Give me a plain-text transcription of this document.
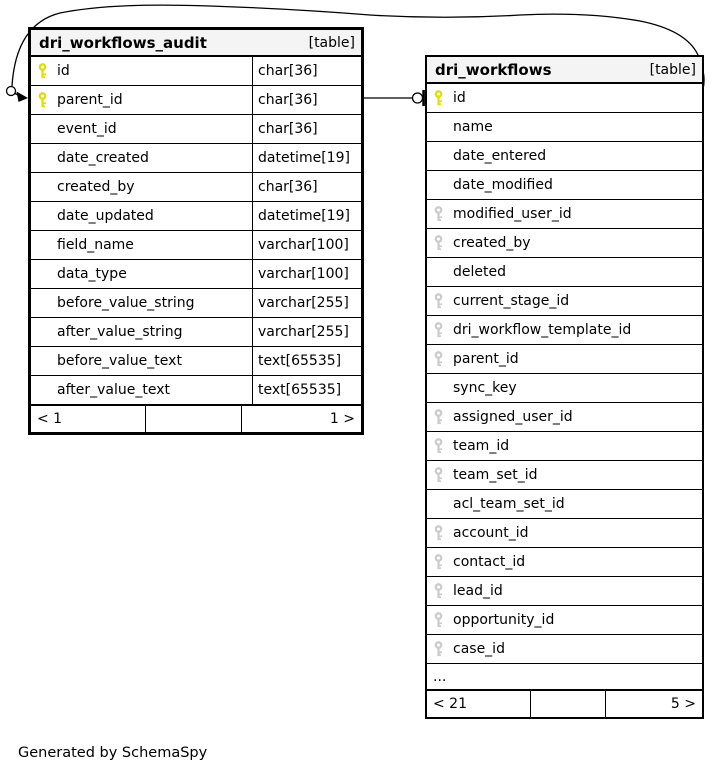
dri_workflows_audit	[table]
id	char[36]
parent_id	char[36]
event_id	char[36]
date_created	datetime[19]
created_by	char[36]
date_updated	datetime[19]
field_name	varchar[100]
data_type	varchar[100]
before_value_string	varchar[255]
after_value_string	varchar[255]
before_value_text	text[65535]
after_value_text	text[65535]
< 1	1 >
dri_workflows	[table]
id
name
date_entered
date_modified
modified_user_id
created_by
deleted
current_stage_id
dri_workflow_template_id
parent_id
sync_key
assigned_user_id
team_id
team_set_id
acl_team_set_id
account_id
contact_id
lead_id
opportunity_id
case_id
...
< 21	5 >
Generated by SchemaSpy
